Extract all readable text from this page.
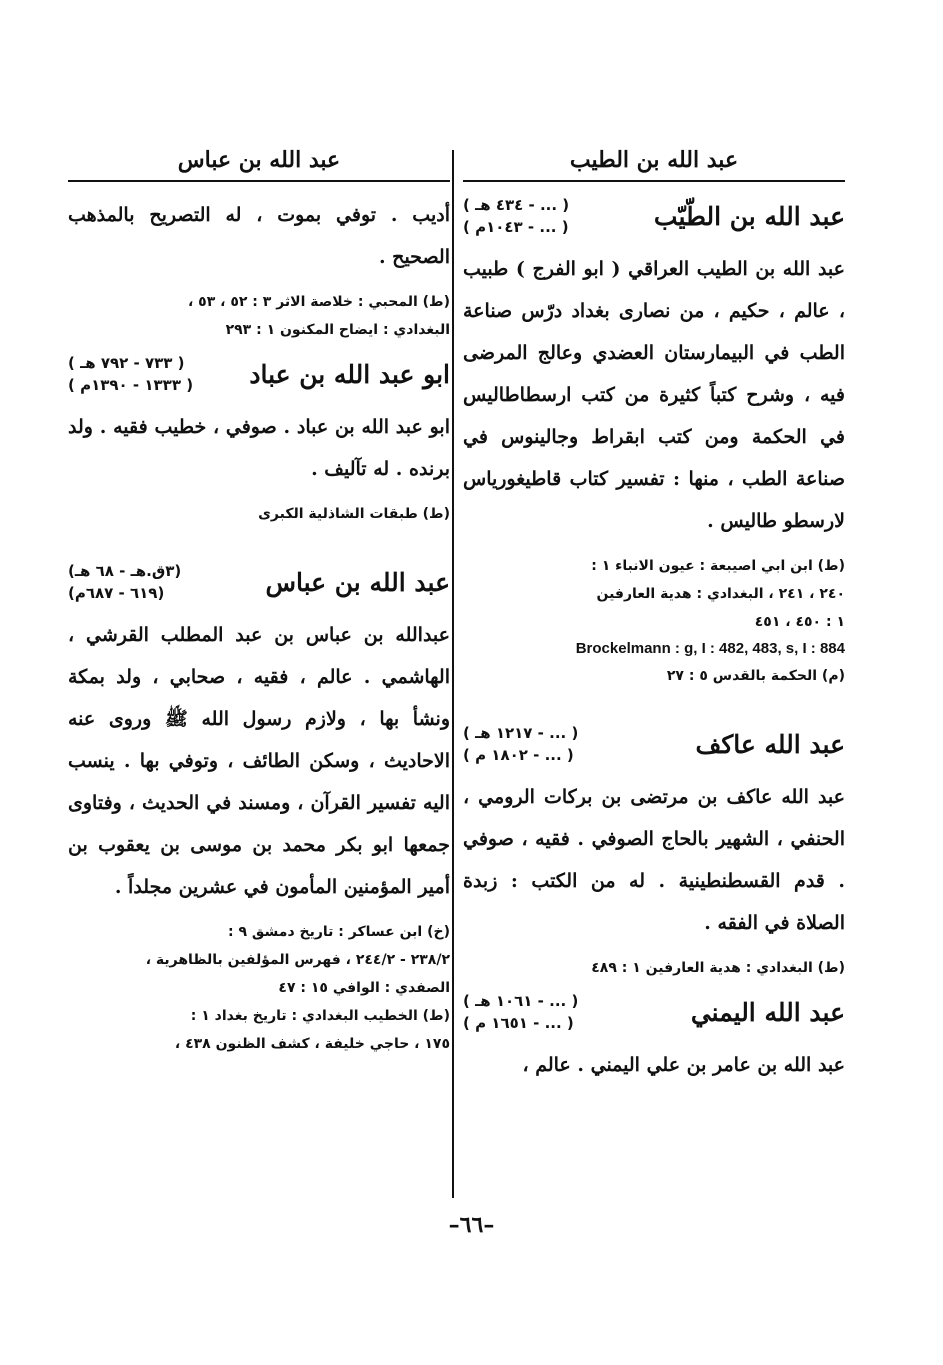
عبد الله بن الطيب
عبد الله بن الطّيّب
( ... - ٤٣٤ هـ )
( ... - ١٠٤٣م )

عبد الله بن الطيب العراقي ( ابو الفرج ) طبيب ، عالم ، حكيم ، من نصارى بغداد درّس صناعة الطب في البيمارستان العضدي وعالج المرضى فيه ، وشرح كتباً كثيرة من كتب ارسطاطاليس في الحكمة ومن كتب ابقراط وجالينوس في صناعة الطب ، منها : تفسير كتاب قاطيغورياس لارسطو طاليس .

(ط) ابن ابي اصيبعة : عيون الانباء ١ :

٢٤٠ ، ٢٤١ ، البغدادي : هدية العارفين

١ : ٤٥٠ ، ٤٥١

Brockelmann : g, I : 482, 483, s, I : 884

(م) الحكمة بالقدس ٥ : ٢٧

عبد الله عاكف
( ... - ١٢١٧ هـ )
( ... - ١٨٠٢ م )

عبد الله عاكف بن مرتضى بن بركات الرومي ، الحنفي ، الشهير بالحاج الصوفي . فقيه ، صوفي . قدم القسطنطينية . له من الكتب : زبدة الصلاة في الفقه .

(ط) البغدادي : هدية العارفين ١ : ٤٨٩

عبد الله اليمني
( ... - ١٠٦١ هـ )
( ... - ١٦٥١ م )

عبد الله بن عامر بن علي اليمني . عالم ،

عبد الله بن عباس

أديب . توفي بموت ، له التصريح بالمذهب الصحيح .

(ط) المحبي : خلاصة الاثر ٣ : ٥٢ ، ٥٣ ،

البغدادي : ايضاح المكنون ١ : ٢٩٣

ابو عبد الله بن عباد
( ٧٣٣ - ٧٩٢ هـ )
( ١٣٣٣ - ١٣٩٠م )

ابو عبد الله بن عباد . صوفي ، خطيب فقيه . ولد برنده . له تآليف .

(ط) طبقات الشاذلية الكبرى

عبد الله بن عباس
(٣ق.هـ - ٦٨ هـ)
(٦١٩ - ٦٨٧م)

عبدالله بن عباس بن عبد المطلب القرشي ، الهاشمي . عالم ، فقيه ، صحابي ، ولد بمكة ونشأ بها ، ولازم رسول الله ﷺ وروى عنه الاحاديث ، وسكن الطائف ، وتوفي بها . ينسب اليه تفسير القرآن ، ومسند في الحديث ، وفتاوى جمعها ابو بكر محمد بن موسى بن يعقوب بن أمير المؤمنين المأمون في عشرين مجلداً .

(خ) ابن عساكر : تاريخ دمشق ٩ :

٢٣٨/٢ - ٢٤٤/٢ ، فهرس المؤلفين بالظاهرية ،

الصفدي : الوافي ١٥ : ٤٧

(ط) الخطيب البغدادي : تاريخ بغداد ١ :

١٧٥ ، حاجي خليفة ، كشف الظنون ٤٣٨ ،

–٦٦–
